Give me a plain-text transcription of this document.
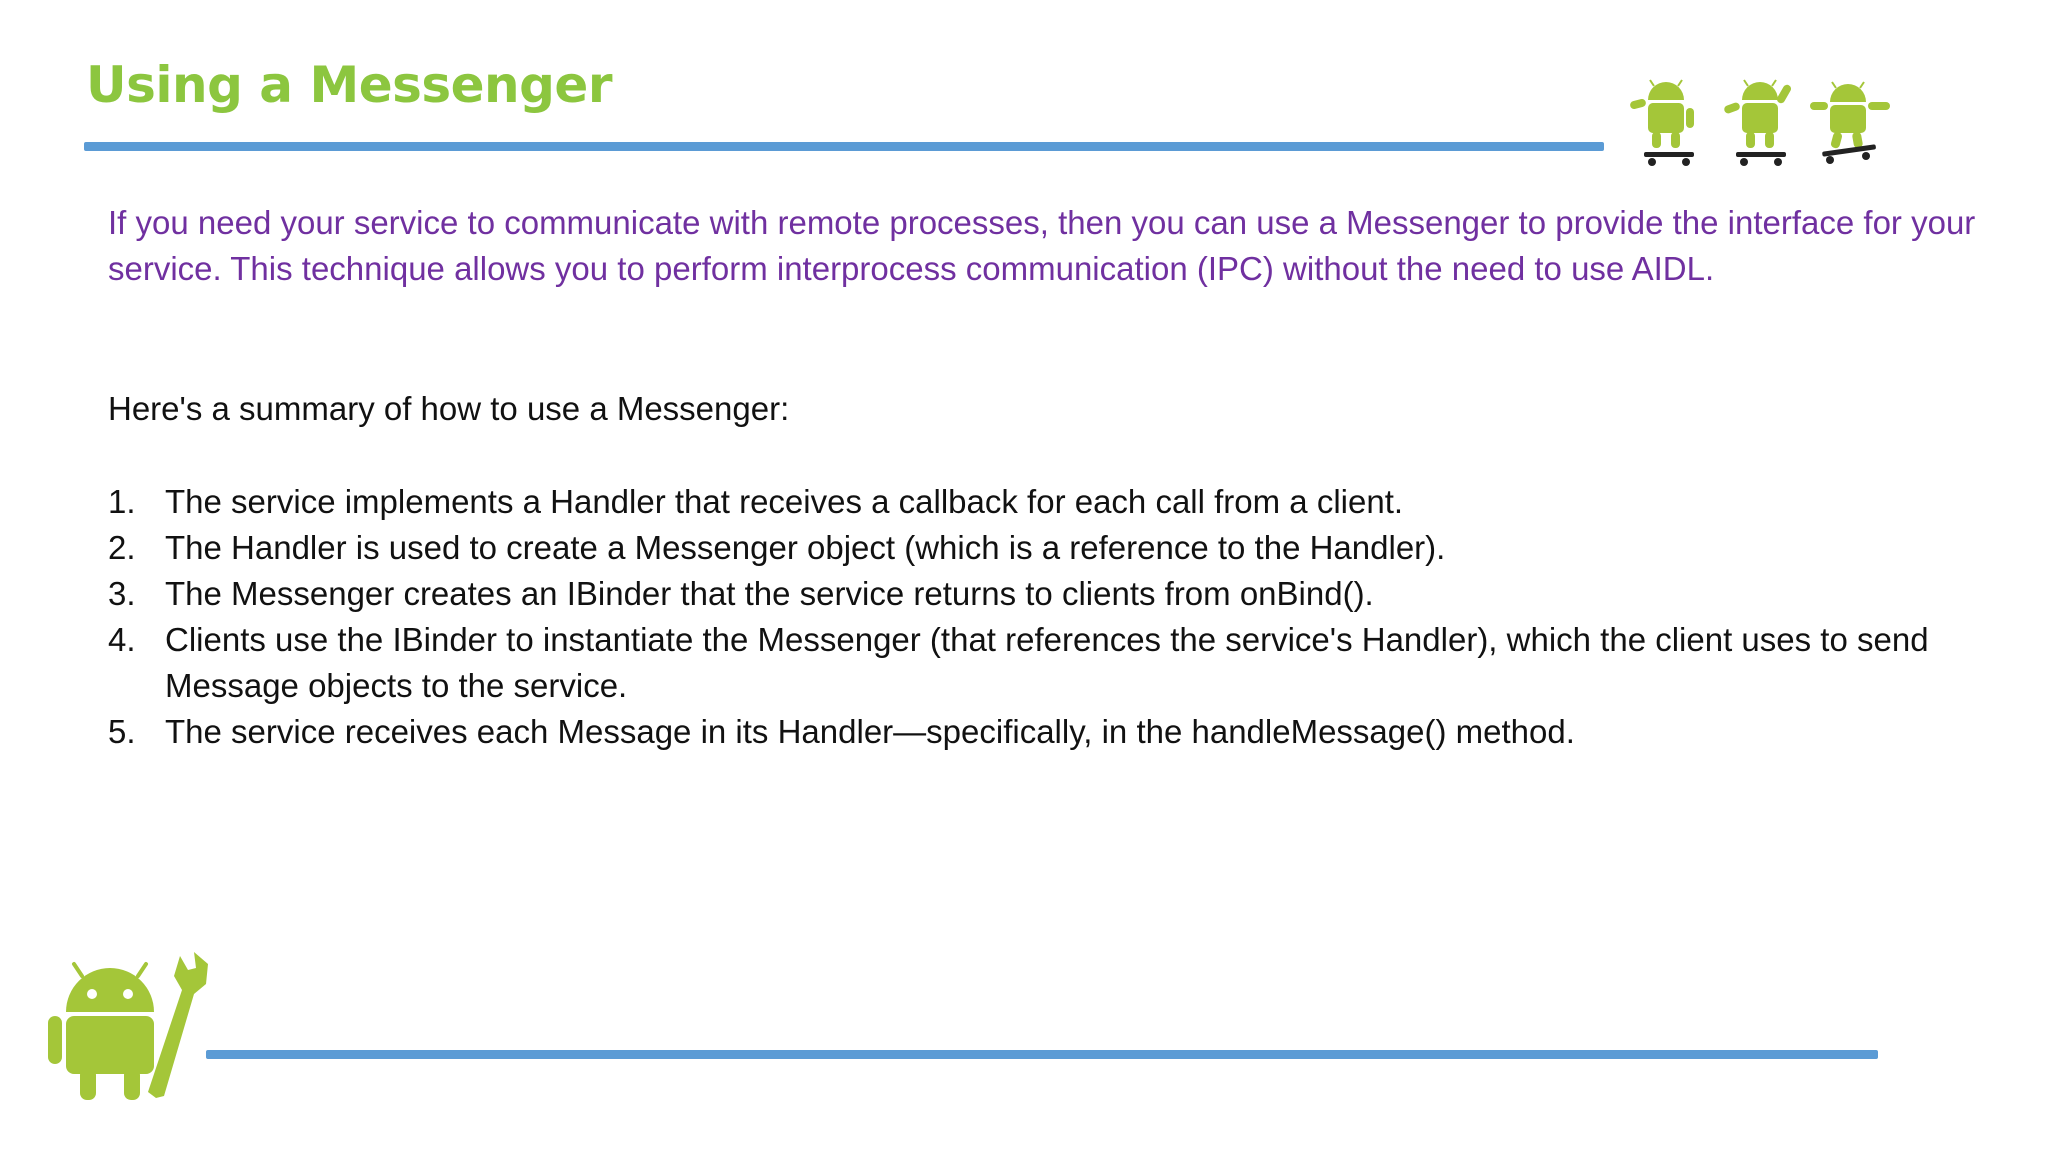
Using a Messenger
If you need your service to communicate with remote processes, then you can use a Messenger to provide the interface for your service. This technique allows you to perform interprocess communication (IPC) without the need to use AIDL.
Here's a summary of how to use a Messenger:
1. The service implements a Handler that receives a callback for each call from a client.
2. The Handler is used to create a Messenger object (which is a reference to the Handler).
3. The Messenger creates an IBinder that the service returns to clients from onBind().
4. Clients use the IBinder to instantiate the Messenger (that references the service's Handler), which the client uses to send Message objects to the service.
5. The service receives each Message in its Handler—specifically, in the handleMessage() method.
